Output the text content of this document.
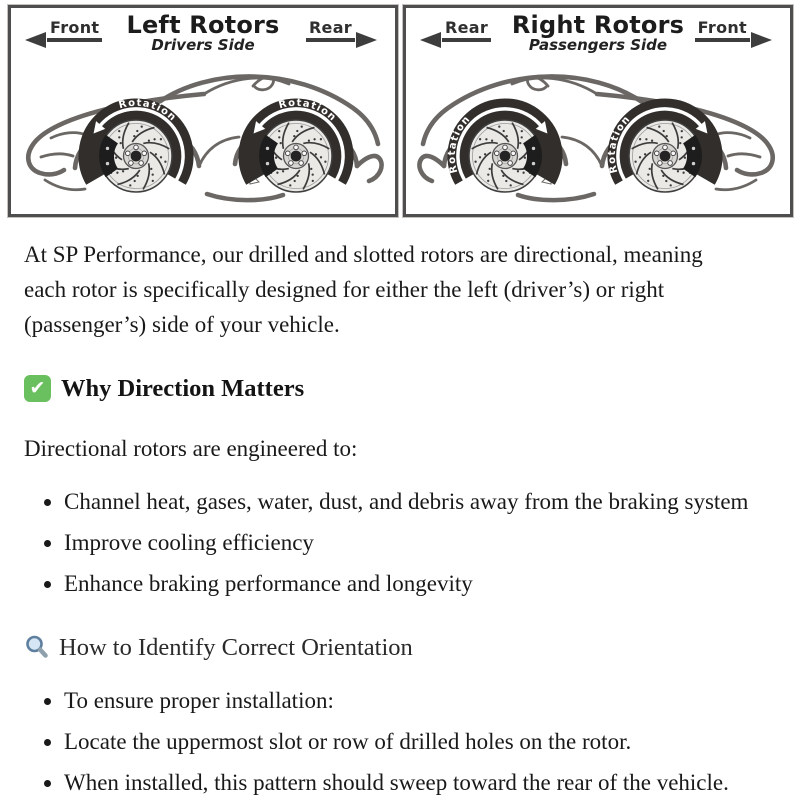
Front	Left Rotors
Drivers Side
Rear
Rotation
Rotation
Rear Right Rotors
Passengers Side
Front
Rotation
Rotation

At SP Performance, our drilled and slotted rotors are directional, meaning each rotor is specifically designed for either the left (driver’s) or right (passenger’s) side of your vehicle.

✔ Why Direction Matters

Directional rotors are engineered to:

• Channel heat, gases, water, dust, and debris away from the braking system
• Improve cooling efficiency
• Enhance braking performance and longevity
How to Identify Correct Orientation
• To ensure proper installation:
• Locate the uppermost slot or row of drilled holes on the rotor.
• When installed, this pattern should sweep toward the rear of the vehicle.
